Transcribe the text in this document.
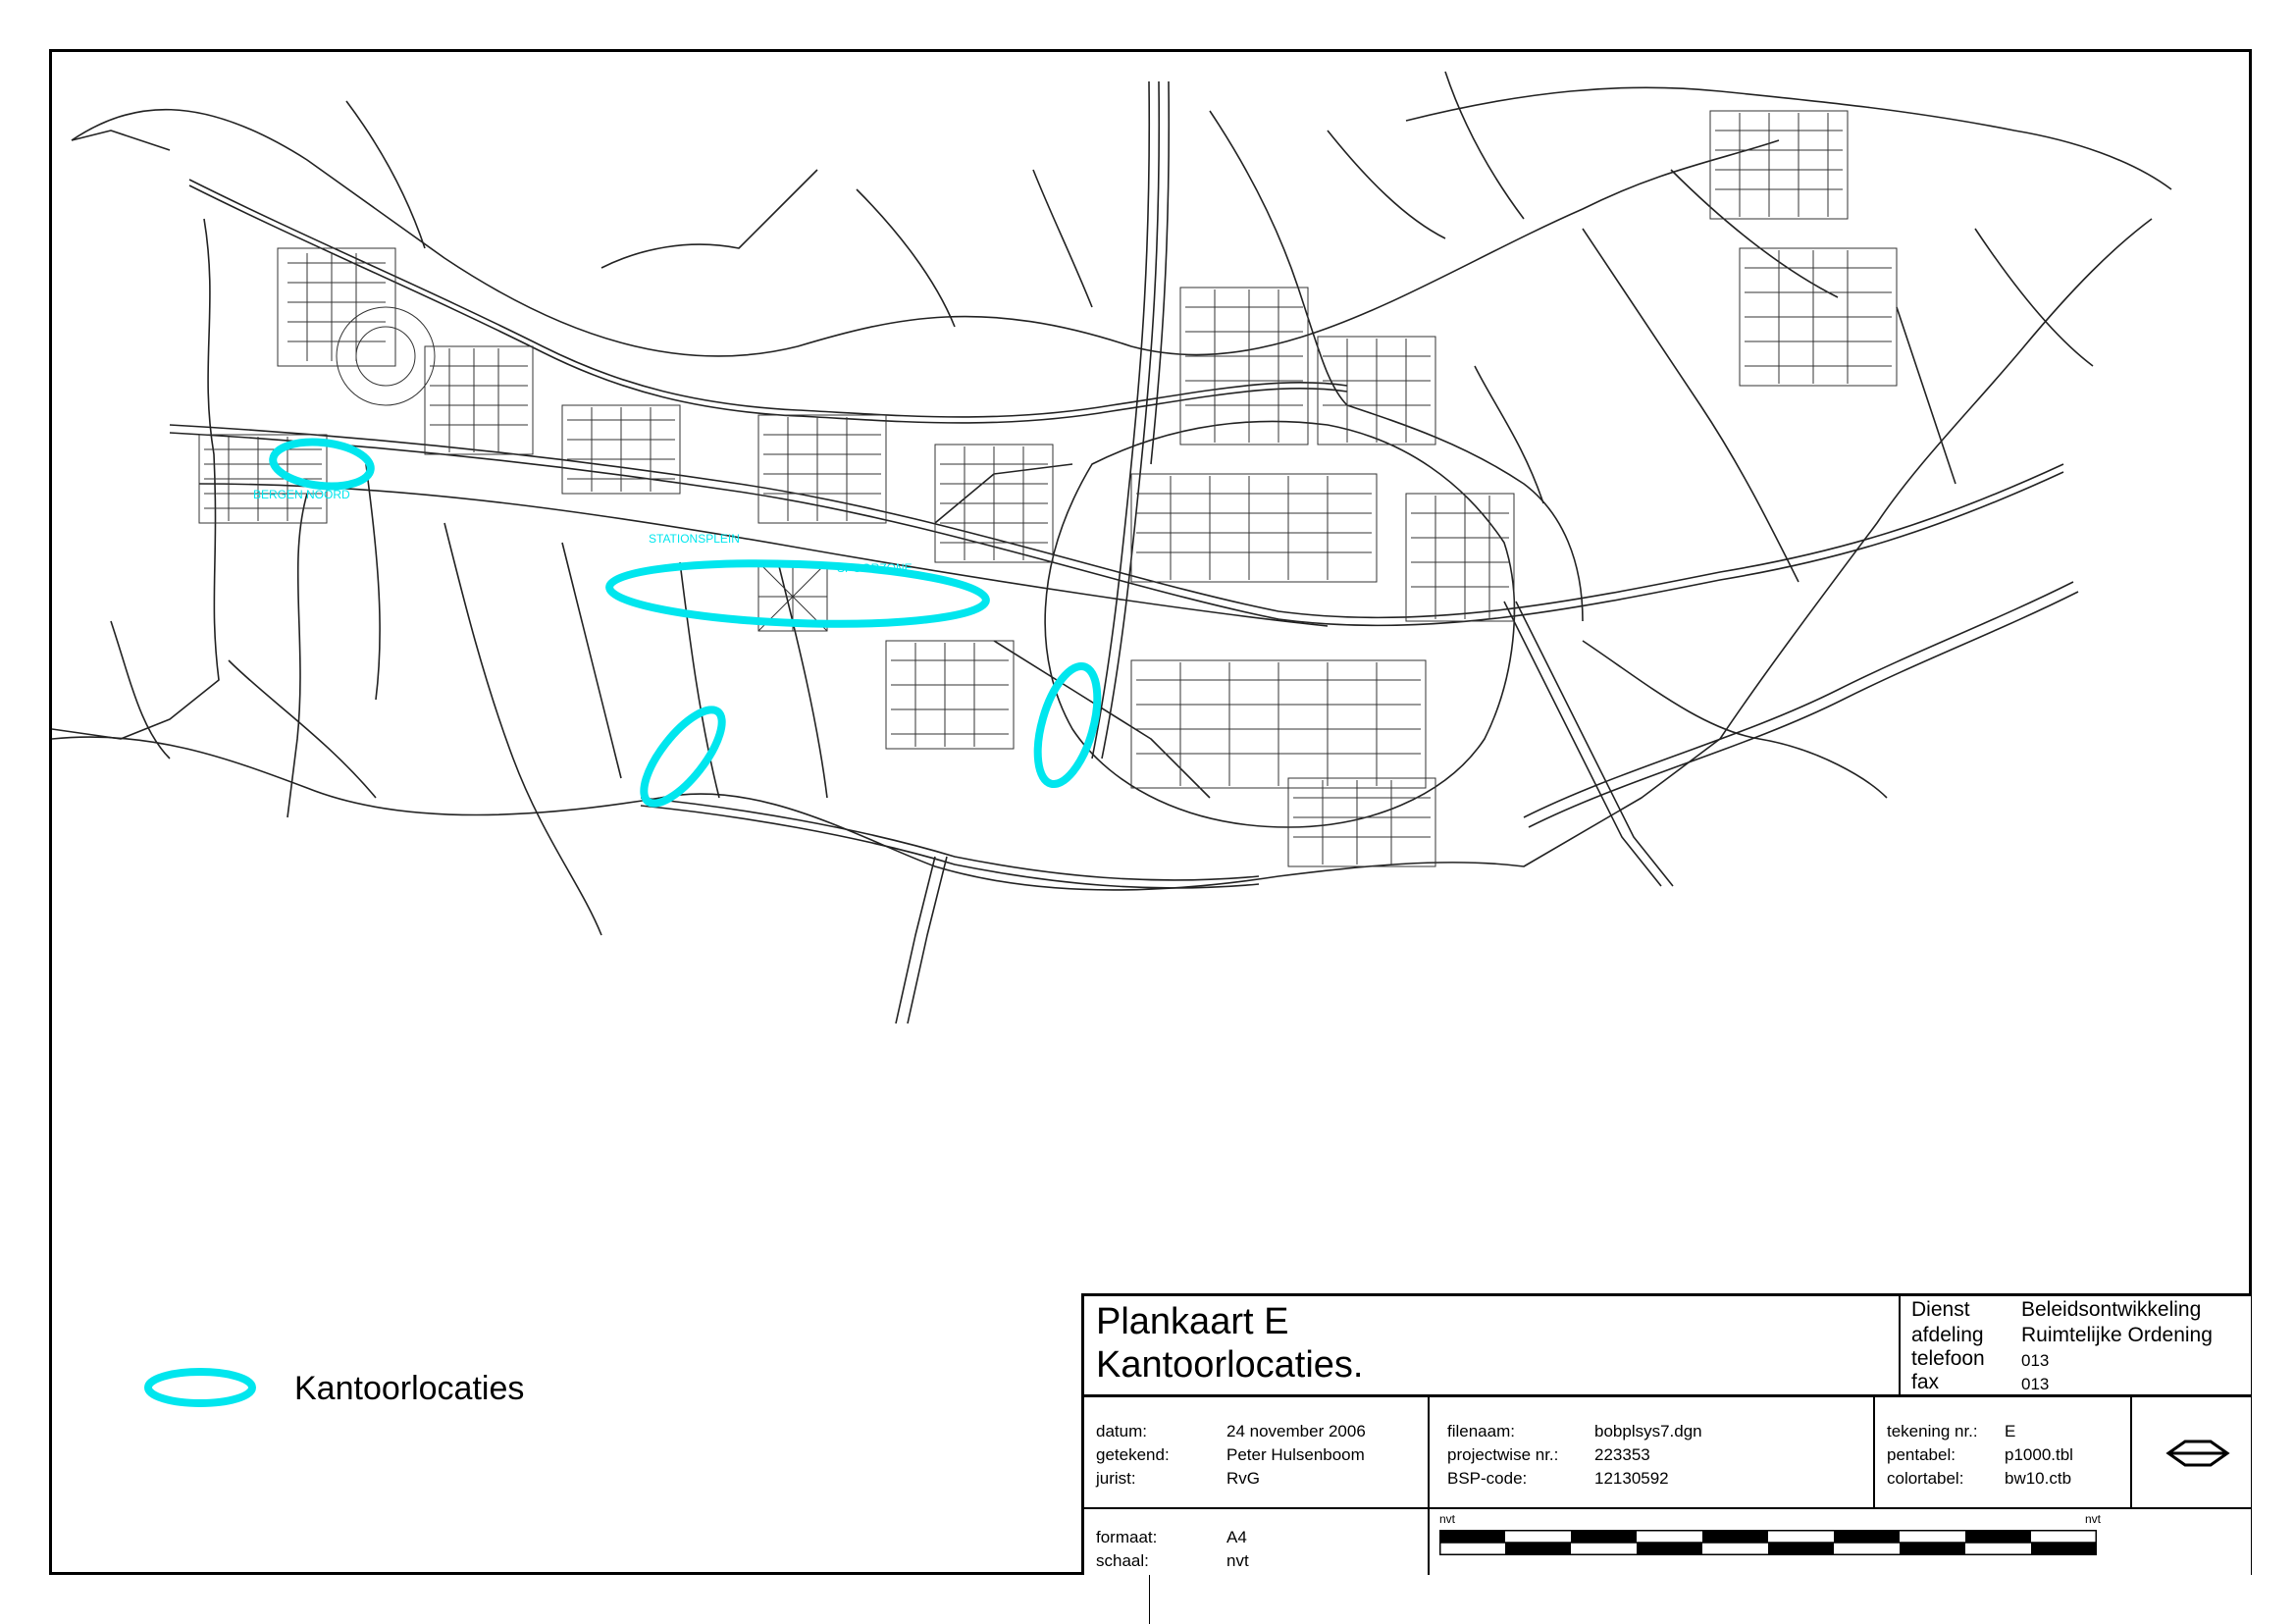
BERGEN NOORD
STATIONSPLEIN
SPOORZONE
Kantoorlocaties
Plankaart E
Kantoorlocaties.
Dienst Beleidsontwikkeling
afdeling Ruimtelijke Ordening
telefoon 013
fax	013
datum:	24 november 2006
getekend:	Peter Hulsenboom
jurist:	RvG
filenaam:	bobplsys7.dgn
projectwise nr.: 223353
BSP-code:	12130592
tekening nr.: E
pentabel:	p1000.tbl
colortabel: bw10.ctb
formaat:	A4
schaal:	nvt
nvt	nvt
